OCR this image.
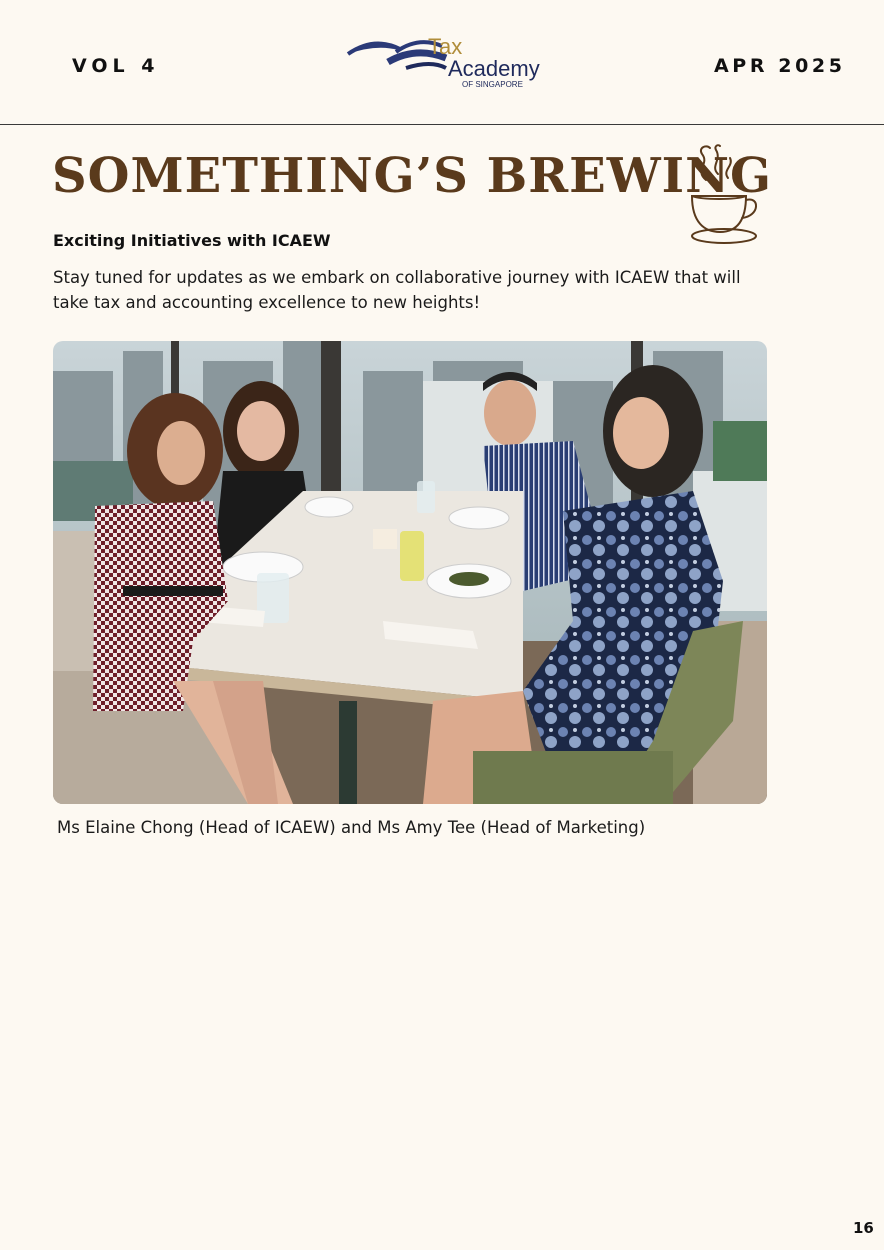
VOL 4
Tax
Academy
OF SINGAPORE
APR 2025
SOMETHING’S BREWING
Exciting Initiatives with ICAEW

Stay tuned for updates as we embark on collaborative journey with ICAEW that will take tax and accounting excellence to new heights!

Ms Elaine Chong (Head of ICAEW) and Ms Amy Tee (Head of Marketing)

16
